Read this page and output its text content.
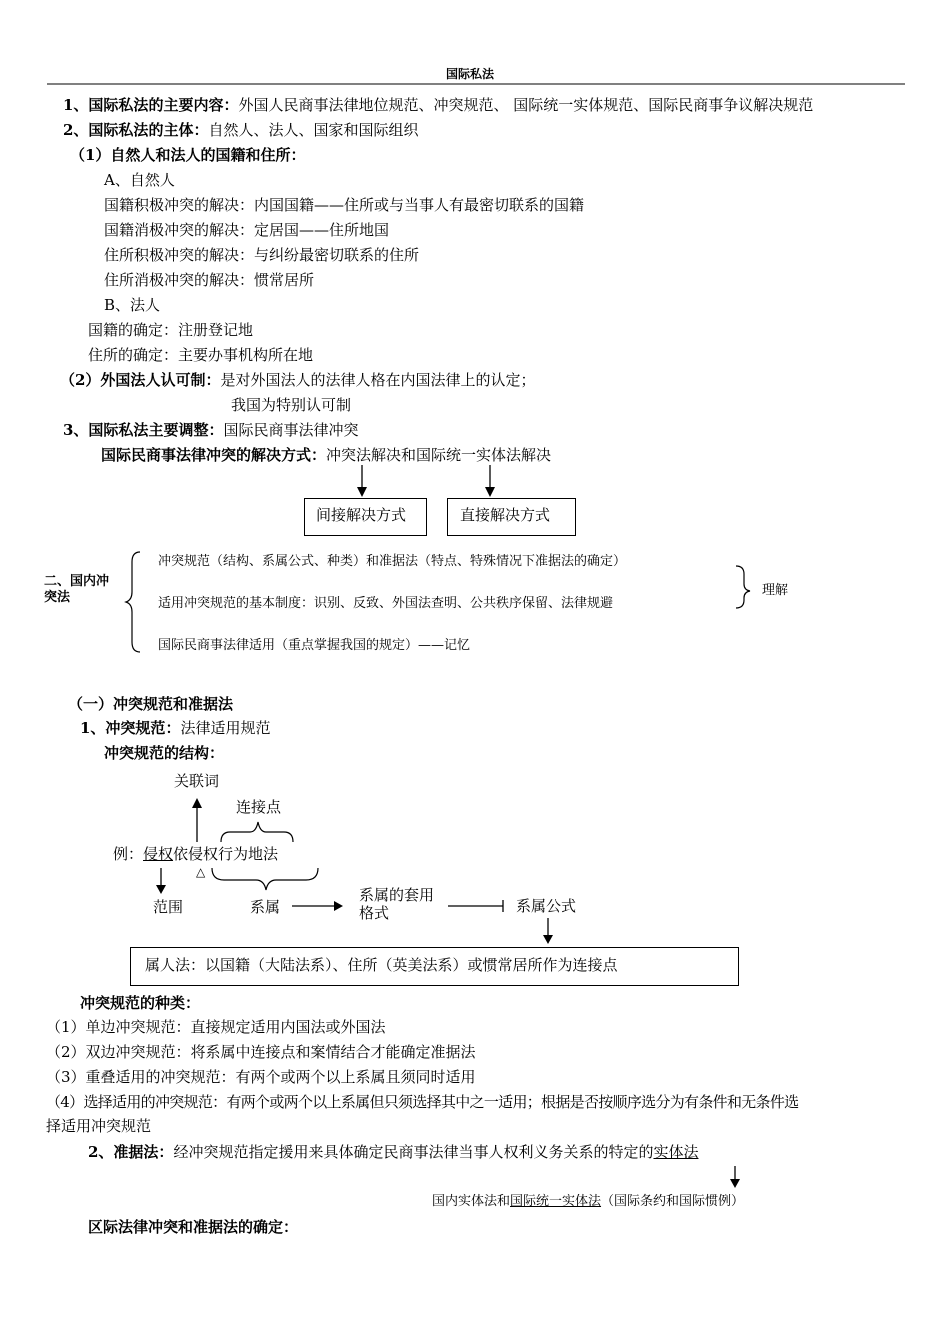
国际私法
1、国际私法的主要内容：外国人民商事法律地位规范、冲突规范、 国际统一实体规范、国际民商事争议解决规范
2、国际私法的主体：自然人、法人、国家和国际组织
（1）自然人和法人的国籍和住所：
A、自然人
国籍积极冲突的解决：内国国籍——住所或与当事人有最密切联系的国籍
国籍消极冲突的解决：定居国——住所地国
住所积极冲突的解决：与纠纷最密切联系的住所
住所消极冲突的解决：惯常居所
B、法人
国籍的确定：注册登记地
住所的确定：主要办事机构所在地
（2）外国法人认可制：是对外国法人的法律人格在内国法律上的认定；
我国为特别认可制
3、国际私法主要调整：国际民商事法律冲突
国际民商事法律冲突的解决方式：冲突法解决和国际统一实体法解决
间接解决方式	直接解决方式
二、国内冲
突法
冲突规范（结构、系属公式、种类）和准据法（特点、特殊情况下准据法的确定）
适用冲突规范的基本制度：识别、反致、外国法查明、公共秩序保留、法律规避
国际民商事法律适用（重点掌握我国的规定）——记忆
理解
（一）冲突规范和准据法
1、冲突规范：法律适用规范
冲突规范的结构：
关联词
连接点
例：侵权依侵权行为地法
△
范围	系属
系属的套用
格式	系属公式
属人法：以国籍（大陆法系）、住所（英美法系）或惯常居所作为连接点
冲突规范的种类：
（1）单边冲突规范：直接规定适用内国法或外国法
（2）双边冲突规范：将系属中连接点和案情结合才能确定准据法
（3）重叠适用的冲突规范：有两个或两个以上系属且须同时适用
（4）选择适用的冲突规范：有两个或两个以上系属但只须选择其中之一适用；根据是否按顺序选分为有条件和无条件选
择适用冲突规范
2、准据法：经冲突规范指定援用来具体确定民商事法律当事人权利义务关系的特定的实体法
国内实体法和国际统一实体法（国际条约和国际惯例）
区际法律冲突和准据法的确定：
